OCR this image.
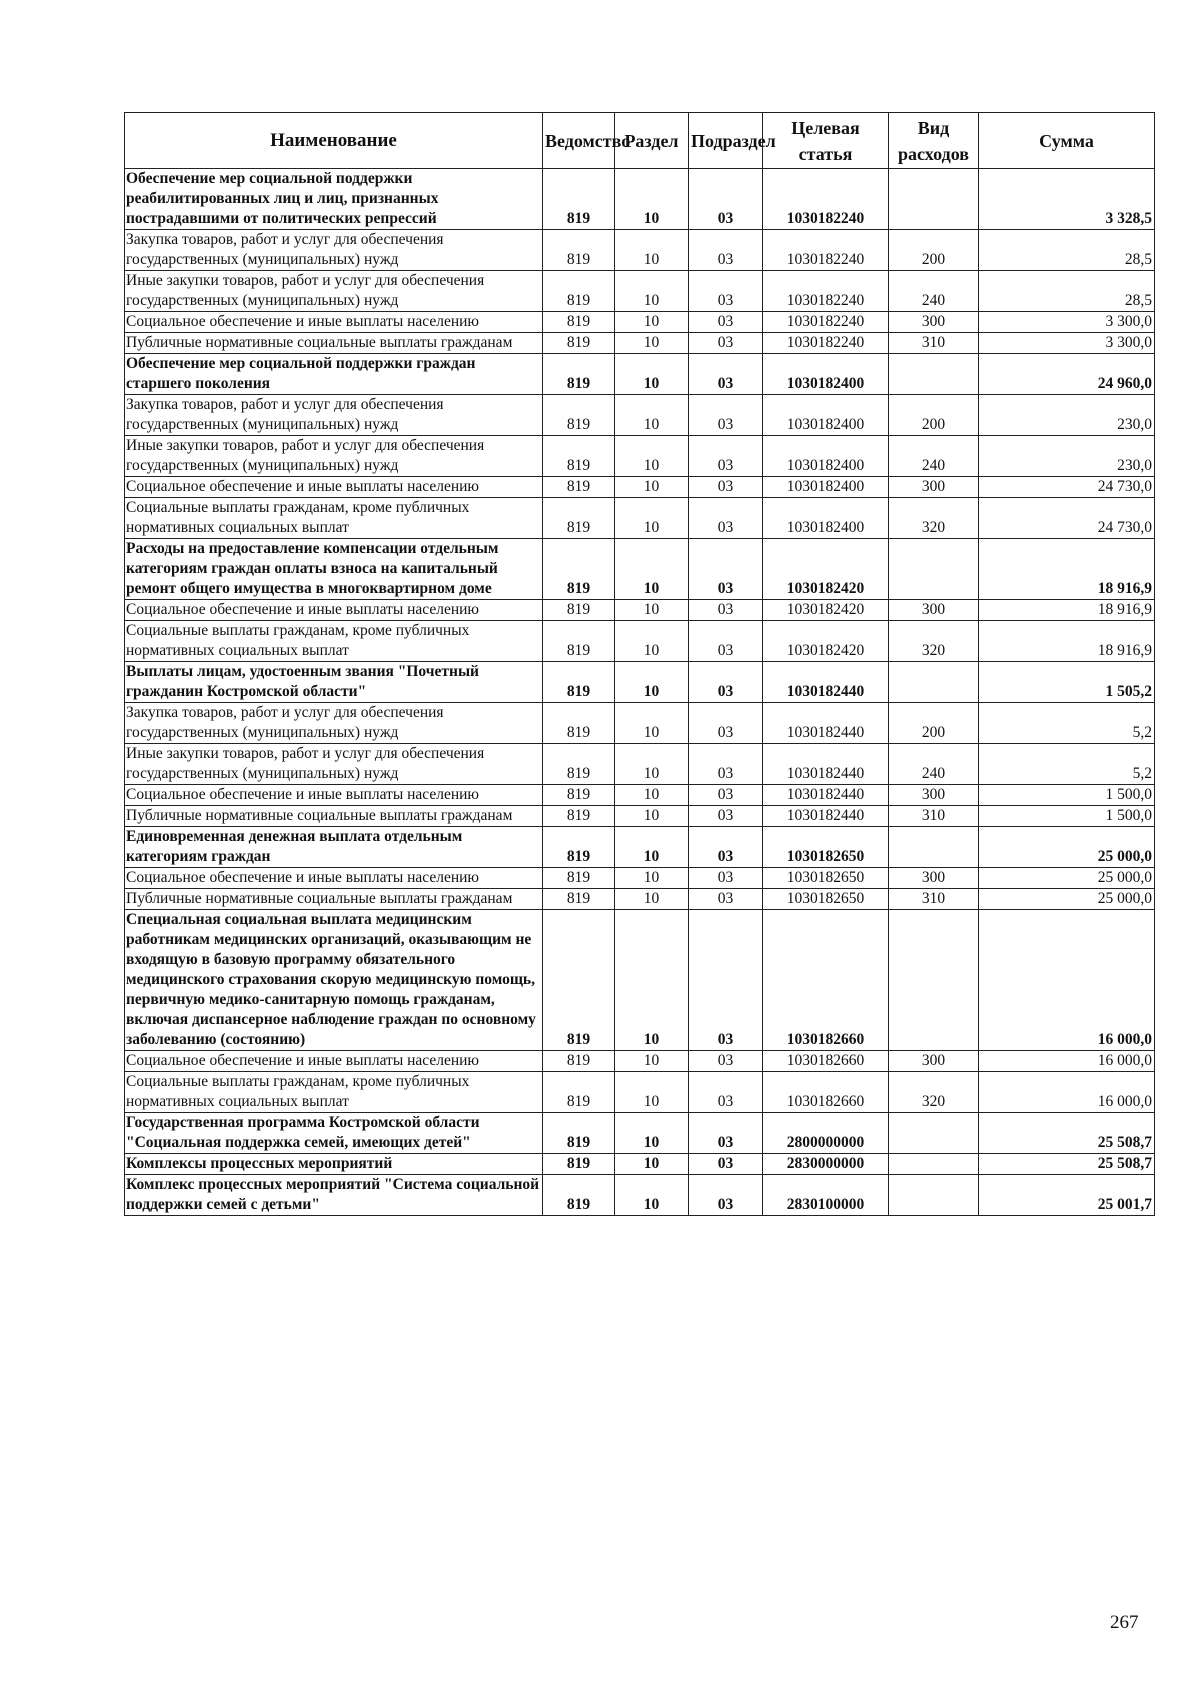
Наименование	Ведомство	Раздел	Подраздел	Целевая статья	Вид расходов	Сумма
Обеспечение мер социальной поддержки реабилитированных лиц и лиц, признанных пострадавшими от политических репрессий	819	10	03	1030182240		3 328,5
Закупка товаров, работ и услуг для обеспечения государственных (муниципальных) нужд	819	10	03	1030182240	200	28,5
Иные закупки товаров, работ и услуг для обеспечения государственных (муниципальных) нужд	819	10	03	1030182240	240	28,5
Социальное обеспечение и иные выплаты населению	819	10	03	1030182240	300	3 300,0
Публичные нормативные социальные выплаты гражданам	819	10	03	1030182240	310	3 300,0
Обеспечение мер социальной поддержки граждан старшего поколения	819	10	03	1030182400		24 960,0
Закупка товаров, работ и услуг для обеспечения государственных (муниципальных) нужд	819	10	03	1030182400	200	230,0
Иные закупки товаров, работ и услуг для обеспечения государственных (муниципальных) нужд	819	10	03	1030182400	240	230,0
Социальное обеспечение и иные выплаты населению	819	10	03	1030182400	300	24 730,0
Социальные выплаты гражданам, кроме публичных нормативных социальных выплат	819	10	03	1030182400	320	24 730,0
Расходы на предоставление компенсации отдельным категориям граждан оплаты взноса на капитальный ремонт общего имущества в многоквартирном доме	819	10	03	1030182420		18 916,9
Социальное обеспечение и иные выплаты населению	819	10	03	1030182420	300	18 916,9
Социальные выплаты гражданам, кроме публичных нормативных социальных выплат	819	10	03	1030182420	320	18 916,9
Выплаты лицам, удостоенным звания "Почетный гражданин Костромской области"	819	10	03	1030182440		1 505,2
Закупка товаров, работ и услуг для обеспечения государственных (муниципальных) нужд	819	10	03	1030182440	200	5,2
Иные закупки товаров, работ и услуг для обеспечения государственных (муниципальных) нужд	819	10	03	1030182440	240	5,2
Социальное обеспечение и иные выплаты населению	819	10	03	1030182440	300	1 500,0
Публичные нормативные социальные выплаты гражданам	819	10	03	1030182440	310	1 500,0
Единовременная денежная выплата отдельным категориям граждан	819	10	03	1030182650		25 000,0
Социальное обеспечение и иные выплаты населению	819	10	03	1030182650	300	25 000,0
Публичные нормативные социальные выплаты гражданам	819	10	03	1030182650	310	25 000,0
Специальная социальная выплата медицинским работникам медицинских организаций, оказывающим не входящую в базовую программу обязательного медицинского страхования скорую медицинскую помощь, первичную медико-санитарную помощь гражданам, включая диспансерное наблюдение граждан по основному заболеванию (состоянию)	819	10	03	1030182660		16 000,0
Социальное обеспечение и иные выплаты населению	819	10	03	1030182660	300	16 000,0
Социальные выплаты гражданам, кроме публичных нормативных социальных выплат	819	10	03	1030182660	320	16 000,0
Государственная программа Костромской области "Социальная поддержка семей, имеющих детей"	819	10	03	2800000000		25 508,7
Комплексы процессных мероприятий	819	10	03	2830000000		25 508,7
Комплекс процессных мероприятий "Система социальной поддержки семей с детьми"	819	10	03	2830100000		25 001,7
267
